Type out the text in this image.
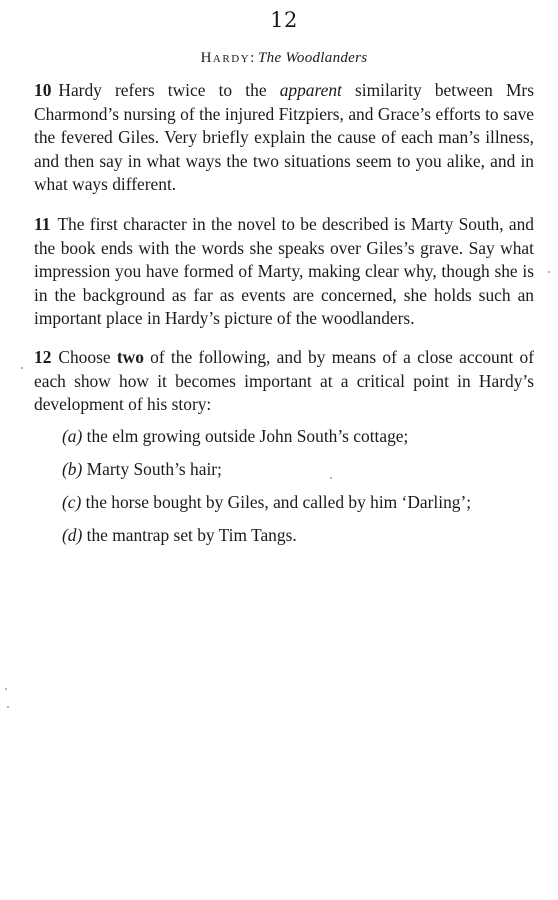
12
Hardy: The Woodlanders

10 Hardy refers twice to the apparent similarity between Mrs Charmond’s nursing of the injured Fitzpiers, and Grace’s efforts to save the fevered Giles. Very briefly explain the cause of each man’s illness, and then say in what ways the two situations seem to you alike, and in what ways different.

11 The first character in the novel to be described is Marty South, and the book ends with the words she speaks over Giles’s grave. Say what impression you have formed of Marty, making clear why, though she is in the background as far as events are concerned, she holds such an important place in Hardy’s picture of the woodlanders.

12 Choose two of the following, and by means of a close account of each show how it becomes important at a critical point in Hardy’s development of his story:

(a) the elm growing outside John South’s cottage;
(b) Marty South’s hair;
(c) the horse bought by Giles, and called by him ‘Darling’;
(d) the mantrap set by Tim Tangs.
